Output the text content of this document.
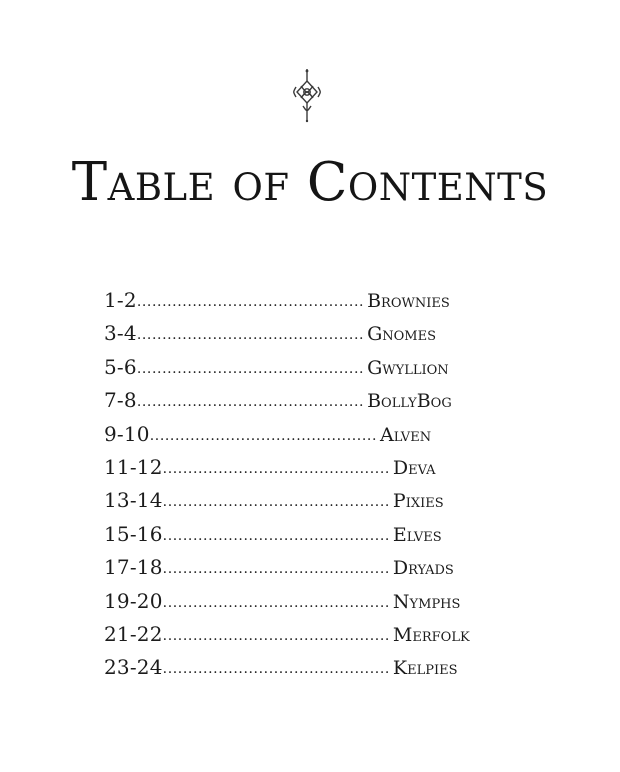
Table of Contents
1-2............................................. Brownies
3-4............................................. Gnomes
5-6............................................. Gwyllion
7-8............................................. BollyBog
9-10............................................. Alven
11-12............................................. Deva
13-14............................................. Pixies
15-16............................................. Elves
17-18............................................. Dryads
19-20............................................. Nymphs
21-22............................................. Merfolk
23-24............................................. Kelpies
